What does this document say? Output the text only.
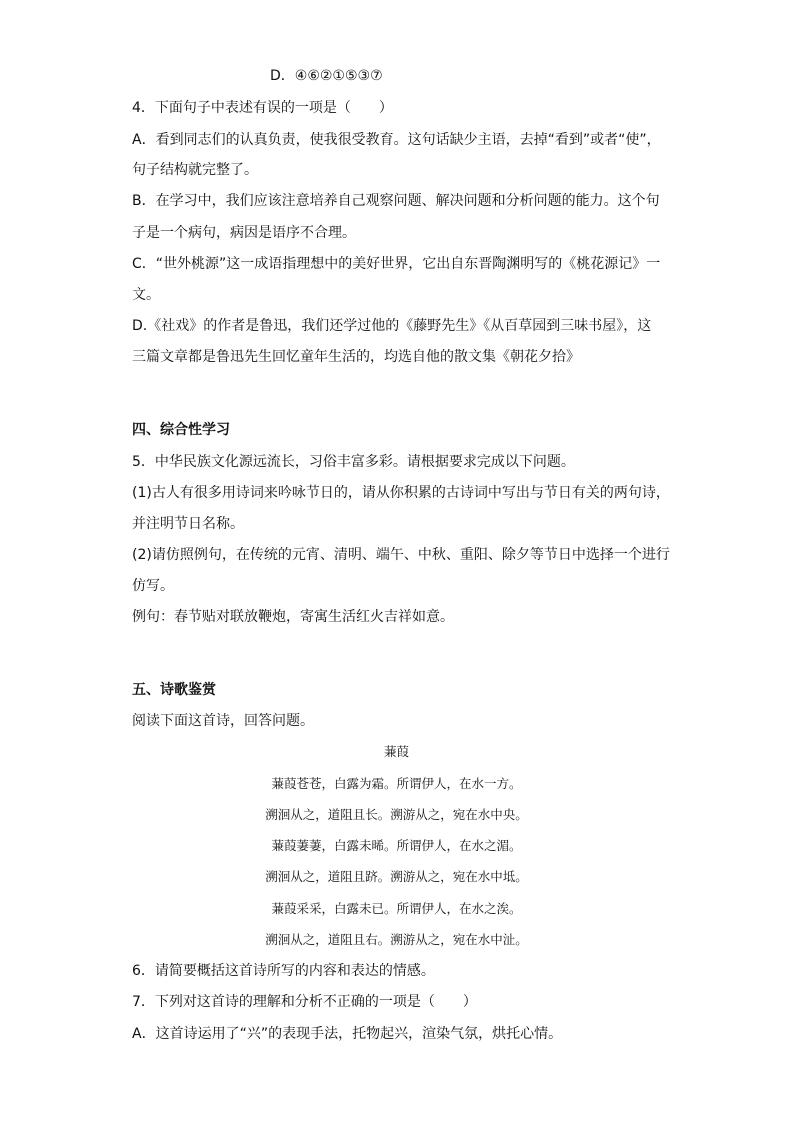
D．④⑥②①⑤③⑦
4．下面句子中表述有误的一项是（　　）
A．看到同志们的认真负责，使我很受教育。这句话缺少主语，去掉“看到”或者“使”，
句子结构就完整了。
B．在学习中，我们应该注意培养自己观察问题、解决问题和分析问题的能力。这个句
子是一个病句，病因是语序不合理。
C．“世外桃源”这一成语指理想中的美好世界，它出自东晋陶渊明写的《桃花源记》一
文。
D.《社戏》的作者是鲁迅，我们还学过他的《藤野先生》《从百草园到三味书屋》，这
三篇文章都是鲁迅先生回忆童年生活的，均选自他的散文集《朝花夕拾》
四、综合性学习
5．中华民族文化源远流长，习俗丰富多彩。请根据要求完成以下问题。
(1)古人有很多用诗词来吟咏节日的，请从你积累的古诗词中写出与节日有关的两句诗，
并注明节日名称。
(2)请仿照例句，在传统的元宵、清明、端午、中秋、重阳、除夕等节日中选择一个进行
仿写。
例句：春节贴对联放鞭炮，寄寓生活红火吉祥如意。
五、诗歌鉴赏
阅读下面这首诗，回答问题。
蒹葭
蒹葭苍苍，白露为霜。所谓伊人，在水一方。
溯洄从之，道阻且长。溯游从之，宛在水中央。
蒹葭萋萋，白露未晞。所谓伊人，在水之湄。
溯洄从之，道阻且跻。溯游从之，宛在水中坻。
蒹葭采采，白露未已。所谓伊人，在水之涘。
溯洄从之，道阻且右。溯游从之，宛在水中沚。
6．请简要概括这首诗所写的内容和表达的情感。
7．下列对这首诗的理解和分析不正确的一项是（　　）
A．这首诗运用了“兴”的表现手法，托物起兴，渲染气氛，烘托心情。
